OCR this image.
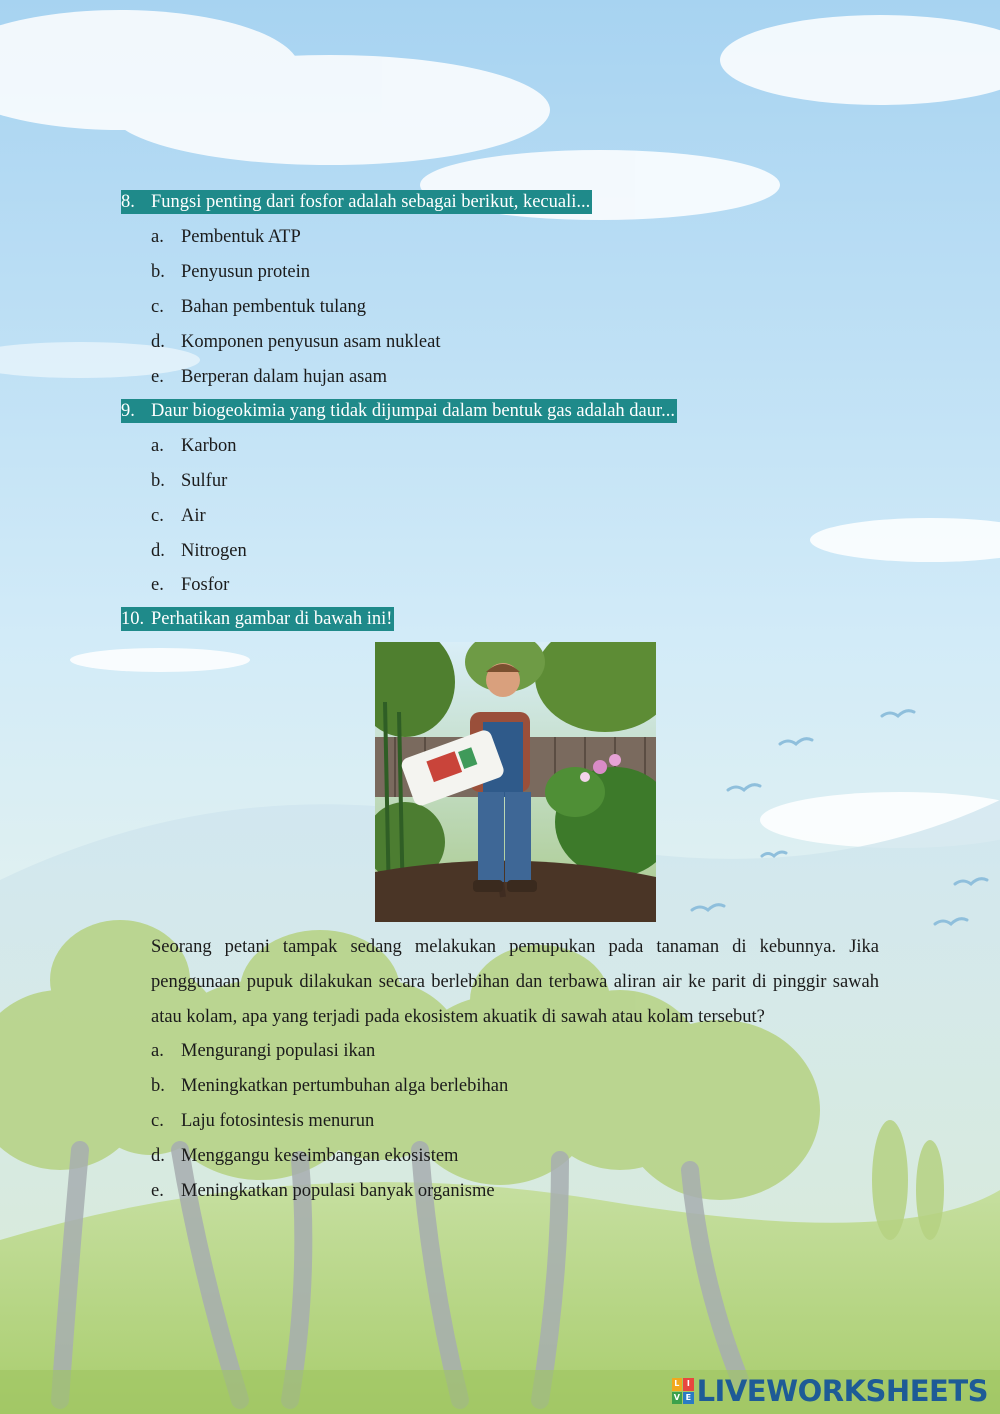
8. Fungsi penting dari fosfor adalah sebagai berikut, kecuali...
a. Pembentuk ATP
b. Penyusun protein
c. Bahan pembentuk tulang
d. Komponen penyusun asam nukleat
e. Berperan dalam hujan asam
9. Daur biogeokimia yang tidak dijumpai dalam bentuk gas adalah daur...
a. Karbon
b. Sulfur
c. Air
d. Nitrogen
e. Fosfor
10. Perhatikan gambar di bawah ini!
Seorang petani tampak sedang melakukan pemupukan pada tanaman di kebunnya. Jika penggunaan pupuk dilakukan secara berlebihan dan terbawa aliran air ke parit di pinggir sawah atau kolam, apa yang terjadi pada ekosistem akuatik di sawah atau kolam tersebut?
a. Mengurangi populasi ikan
b. Meningkatkan pertumbuhan alga berlebihan
c. Laju fotosintesis menurun
d. Menggangu keseimbangan ekosistem
e. Meningkatkan populasi banyak organisme
L I
V E LIVEWORKSHEETS
